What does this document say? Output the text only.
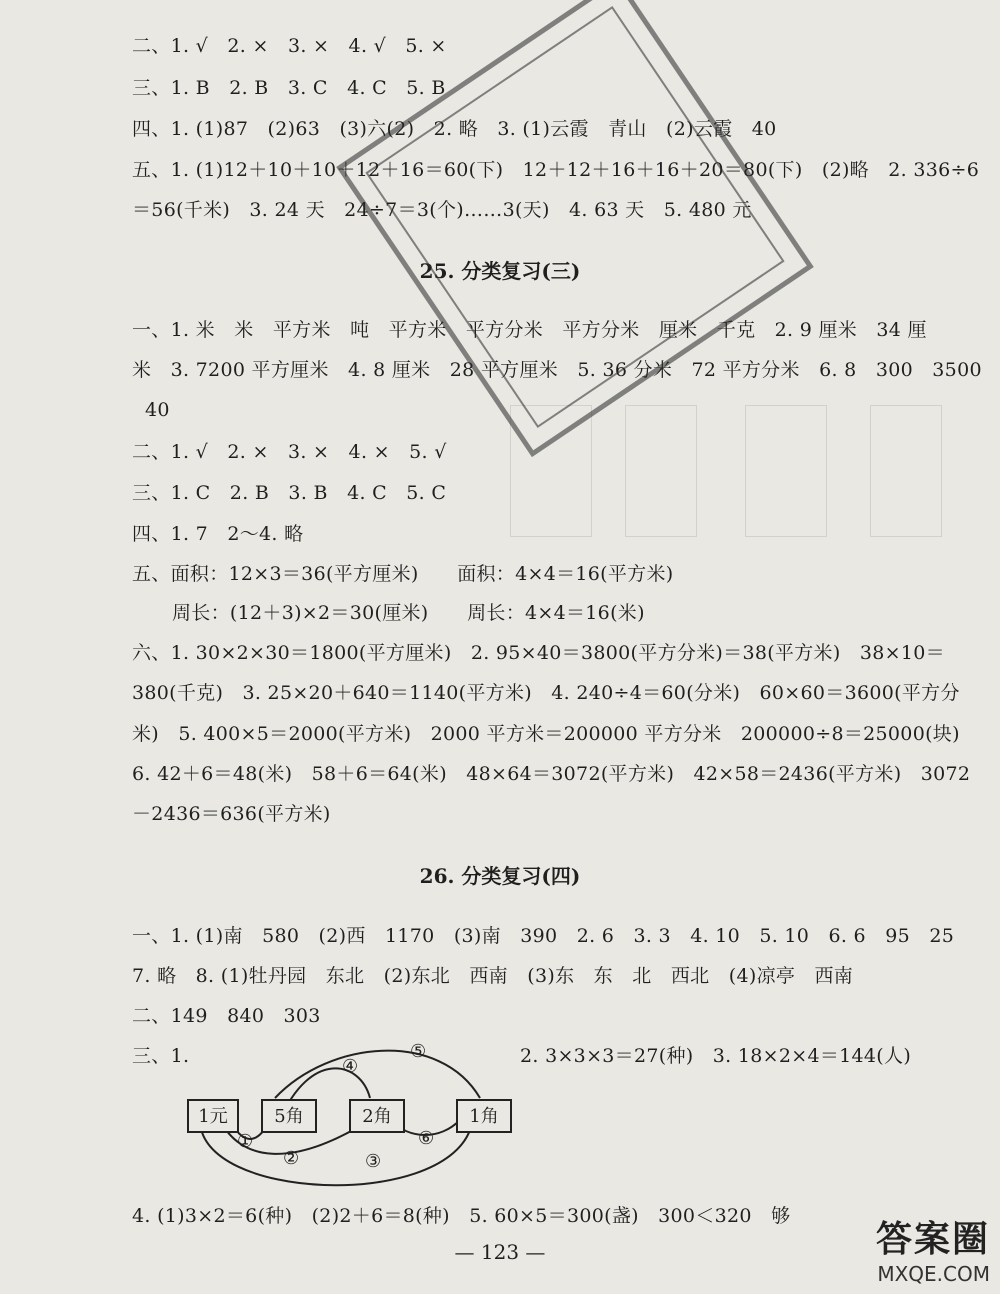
二、1. √　2. ×　3. ×　4. √　5. ×
三、1. B　2. B　3. C　4. C　5. B
四、1. (1)87　(2)63　(3)六(2)　2. 略　3. (1)云霞　青山　(2)云霞　40
五、1. (1)12＋10＋10＋12＋16＝60(下)　12＋12＋16＋16＋20＝80(下)　(2)略　2. 336÷6
＝56(千米)　3. 24 天　24÷7＝3(个)……3(天)　4. 63 天　5. 480 元
25. 分类复习(三)
一、1. 米　米　平方米　吨　平方米　平方分米　平方分米　厘米　千克　2. 9 厘米　34 厘
米　3. 7200 平方厘米　4. 8 厘米　28 平方厘米　5. 36 分米　72 平方分米　6. 8　300　3500
40
二、1. √　2. ×　3. ×　4. ×　5. √
三、1. C　2. B　3. B　4. C　5. C
四、1. 7　2～4. 略
五、面积：12×3＝36(平方厘米)　　面积：4×4＝16(平方米)
周长：(12＋3)×2＝30(厘米)　　周长：4×4＝16(米)
六、1. 30×2×30＝1800(平方厘米)　2. 95×40＝3800(平方分米)＝38(平方米)　38×10＝
380(千克)　3. 25×20＋640＝1140(平方米)　4. 240÷4＝60(分米)　60×60＝3600(平方分
米)　5. 400×5＝2000(平方米)　2000 平方米＝200000 平方分米　200000÷8＝25000(块)
6. 42＋6＝48(米)　58＋6＝64(米)　48×64＝3072(平方米)　42×58＝2436(平方米)　3072
－2436＝636(平方米)
26. 分类复习(四)
一、1. (1)南　580　(2)西　1170　(3)南　390　2. 6　3. 3　4. 10　5. 10　6. 6　95　25
7. 略　8. (1)牡丹园　东北　(2)东北　西南　(3)东　东　北　西北　(4)凉亭　西南
二、149　840　303
三、1.	2. 3×3×3＝27(种)　3. 18×2×4＝144(人)
1元	5角	2角	1角
①
②	③
④
⑤
⑥
4. (1)3×2＝6(种)　(2)2＋6＝8(种)　5. 60×5＝300(盏)　300＜320　够
— 123 —	答案圈
MXQE.COM
